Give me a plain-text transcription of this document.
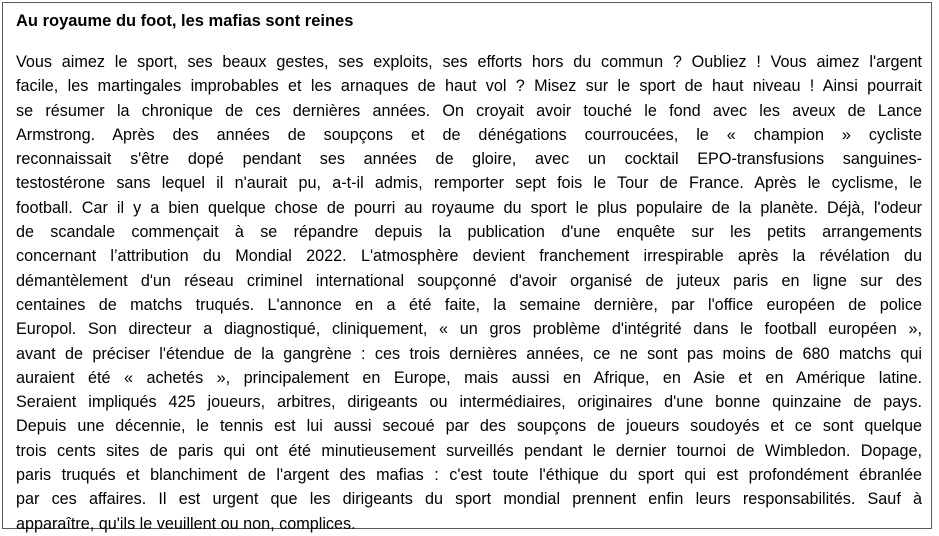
Au royaume du foot, les mafias sont reines
Vous aimez le sport, ses beaux gestes, ses exploits, ses efforts hors du commun ? Oubliez ! Vous aimez l'argent
facile, les martingales improbables et les arnaques de haut vol ? Misez sur le sport de haut niveau ! Ainsi pourrait
se résumer la chronique de ces dernières années. On croyait avoir touché le fond avec les aveux de Lance
Armstrong. Après des années de soupçons et de dénégations courroucées, le « champion » cycliste
reconnaissait s'être dopé pendant ses années de gloire, avec un cocktail EPO-transfusions sanguines-
testostérone sans lequel il n'aurait pu, a-t-il admis, remporter sept fois le Tour de France. Après le cyclisme, le
football. Car il y a bien quelque chose de pourri au royaume du sport le plus populaire de la planète. Déjà, l'odeur
de scandale commençait à se répandre depuis la publication d'une enquête sur les petits arrangements
concernant l’attribution du Mondial 2022. L'atmosphère devient franchement irrespirable après la révélation du
démantèlement d'un réseau criminel international soupçonné d'avoir organisé de juteux paris en ligne sur des
centaines de matchs truqués. L'annonce en a été faite, la semaine dernière, par l'office européen de police
Europol. Son directeur a diagnostiqué, cliniquement, « un gros problème d'intégrité dans le football européen »,
avant de préciser l'étendue de la gangrène : ces trois dernières années, ce ne sont pas moins de 680 matchs qui
auraient été « achetés », principalement en Europe, mais aussi en Afrique, en Asie et en Amérique latine.
Seraient impliqués 425 joueurs, arbitres, dirigeants ou intermédiaires, originaires d'une bonne quinzaine de pays.
Depuis une décennie, le tennis est lui aussi secoué par des soupçons de joueurs soudoyés et ce sont quelque
trois cents sites de paris qui ont été minutieusement surveillés pendant le dernier tournoi de Wimbledon. Dopage,
paris truqués et blanchiment de l'argent des mafias : c'est toute l'éthique du sport qui est profondément ébranlée
par ces affaires. Il est urgent que les dirigeants du sport mondial prennent enfin leurs responsabilités. Sauf à
apparaître, qu'ils le veuillent ou non, complices.
